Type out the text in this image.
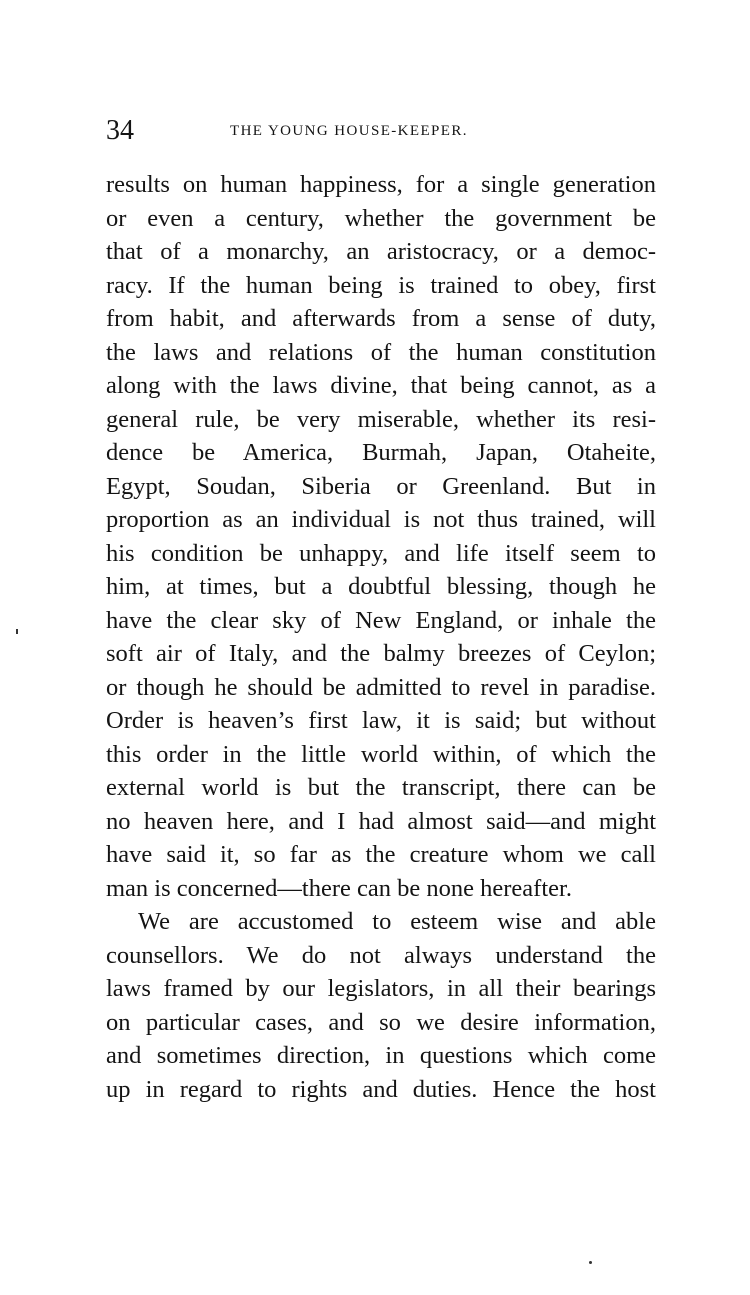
34	THE YOUNG HOUSE-KEEPER.
results on human happiness, for a single generation
or even a century, whether the government be
that of a monarchy, an aristocracy, or a democ-
racy. If the human being is trained to obey, first
from habit, and afterwards from a sense of duty,
the laws and relations of the human constitution
along with the laws divine, that being cannot, as a
general rule, be very miserable, whether its resi-
dence be America, Burmah, Japan, Otaheite,
Egypt, Soudan, Siberia or Greenland. But in
proportion as an individual is not thus trained, will
his condition be unhappy, and life itself seem to
him, at times, but a doubtful blessing, though he
have the clear sky of New England, or inhale the
soft air of Italy, and the balmy breezes of Ceylon;
or though he should be admitted to revel in paradise.
Order is heaven’s first law, it is said; but without
this order in the little world within, of which the
external world is but the transcript, there can be
no heaven here, and I had almost said—and might
have said it, so far as the creature whom we call
man is concerned—there can be none hereafter.
We are accustomed to esteem wise and able
counsellors. We do not always understand the
laws framed by our legislators, in all their bearings
on particular cases, and so we desire information,
and sometimes direction, in questions which come
up in regard to rights and duties. Hence the host
